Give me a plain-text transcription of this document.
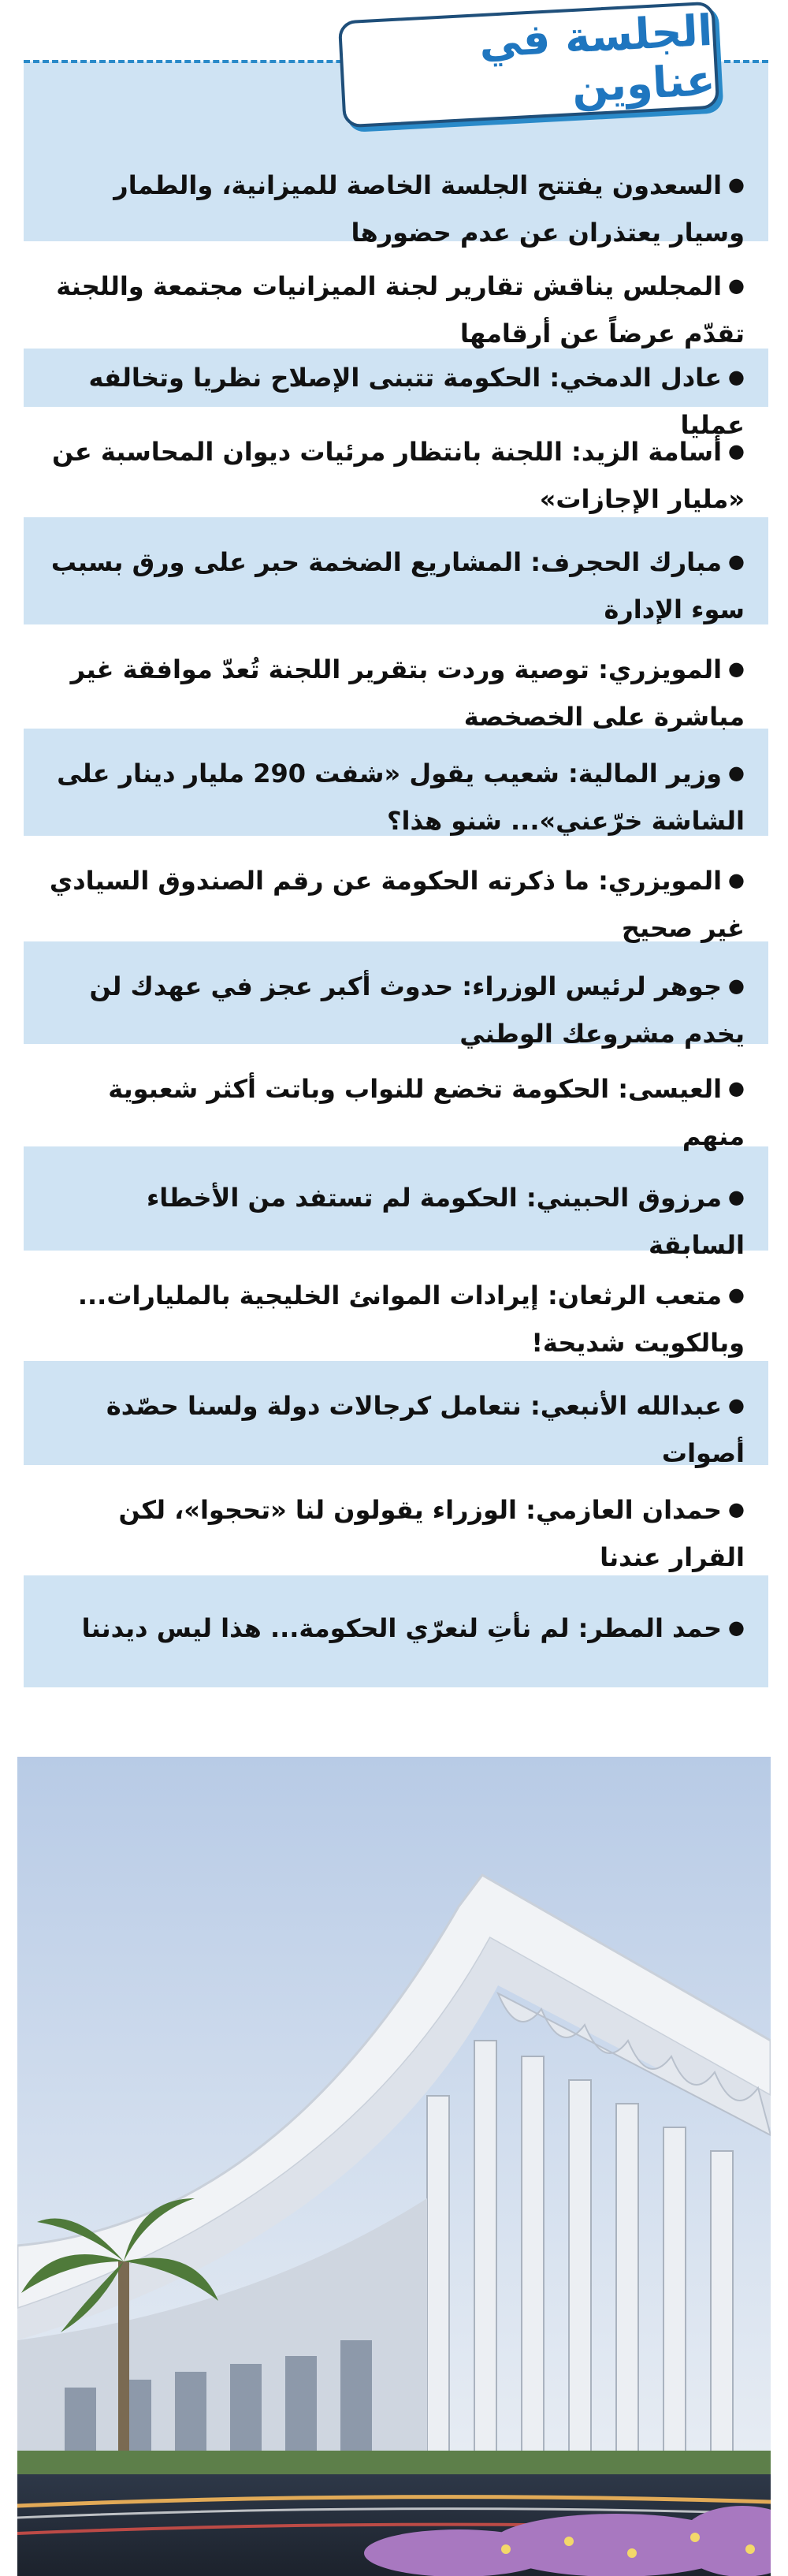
الجلسة في عناوين
●السعدون يفتتح الجلسة الخاصة للميزانية، والطمار وسيار يعتذران عن عدم حضورها
●المجلس يناقش تقارير لجنة الميزانيات مجتمعة واللجنة تقدّم عرضاً عن أرقامها
●عادل الدمخي: الحكومة تتبنى الإصلاح نظريا وتخالفه عمليا
●أسامة الزيد: اللجنة بانتظار مرئيات ديوان المحاسبة عن «مليار الإجازات»
●مبارك الحجرف: المشاريع الضخمة حبر على ورق بسبب سوء الإدارة
●المويزري: توصية وردت بتقرير اللجنة تُعدّ موافقة غير مباشرة على الخصخصة
●وزير المالية: شعيب يقول «شفت 290 مليار دينار على الشاشة خرّعني»... شنو هذا؟
●المويزري: ما ذكرته الحكومة عن رقم الصندوق السيادي غير صحيح
●جوهر لرئيس الوزراء: حدوث أكبر عجز في عهدك لن يخدم مشروعك الوطني
●العيسى: الحكومة تخضع للنواب وباتت أكثر شعبوية منهم
●مرزوق الحبيني: الحكومة لم تستفد من الأخطاء السابقة
●متعب الرثعان: إيرادات الموانئ الخليجية بالمليارات... وبالكويت شديحة!
●عبدالله الأنبعي: نتعامل كرجالات دولة ولسنا حصّدة أصوات
●حمدان العازمي: الوزراء يقولون لنا «تحجوا»، لكن القرار عندنا
●حمد المطر: لم نأتِ لنعرّي الحكومة... هذا ليس ديدننا
